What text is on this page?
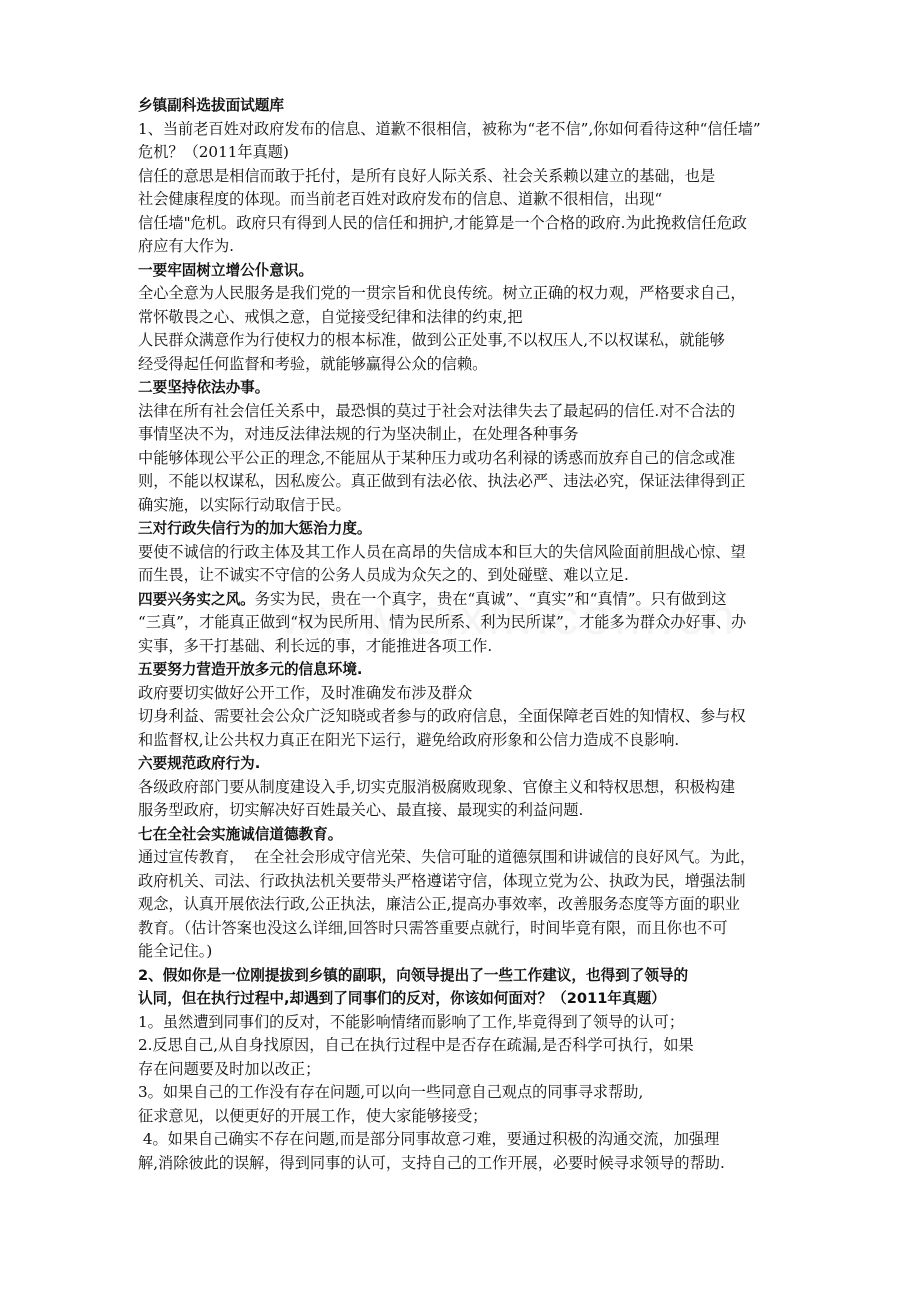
乡镇副科选拔面试题库
1、当前老百姓对政府发布的信息、道歉不很相信，被称为“老不信”,你如何看待这种“信任墙”
危机？（2011年真题)
信任的意思是相信而敢于托付，是所有良好人际关系、社会关系赖以建立的基础，也是
社会健康程度的体现。而当前老百姓对政府发布的信息、道歉不很相信，出现“
信任墙"危机。政府只有得到人民的信任和拥护,才能算是一个合格的政府.为此挽救信任危政
府应有大作为.
一要牢固树立增公仆意识。
全心全意为人民服务是我们党的一贯宗旨和优良传统。树立正确的权力观，严格要求自己，
常怀敬畏之心、戒惧之意，自觉接受纪律和法律的约束,把
人民群众满意作为行使权力的根本标准，做到公正处事,不以权压人,不以权谋私，就能够
经受得起任何监督和考验，就能够赢得公众的信赖。
二要坚持依法办事。
法律在所有社会信任关系中，最恐惧的莫过于社会对法律失去了最起码的信任.对不合法的
事情坚决不为，对违反法律法规的行为坚决制止，在处理各种事务
中能够体现公平公正的理念,不能屈从于某种压力或功名利禄的诱惑而放弃自己的信念或准
则，不能以权谋私，因私废公。真正做到有法必依、执法必严、违法必究，保证法律得到正
确实施，以实际行动取信于民。
三对行政失信行为的加大惩治力度。
要使不诚信的行政主体及其工作人员在高昂的失信成本和巨大的失信风险面前胆战心惊、望
而生畏，让不诚实不守信的公务人员成为众矢之的、到处碰壁、难以立足.
四要兴务实之风。务实为民，贵在一个真字，贵在“真诚”、“真实”和“真情”。只有做到这
“三真”，才能真正做到“权为民所用、情为民所系、利为民所谋”，才能多为群众办好事、办
实事，多干打基础、利长远的事，才能推进各项工作.
五要努力营造开放多元的信息环境.
政府要切实做好公开工作，及时准确发布涉及群众
切身利益、需要社会公众广泛知晓或者参与的政府信息，全面保障老百姓的知情权、参与权
和监督权,让公共权力真正在阳光下运行，避免给政府形象和公信力造成不良影响.
六要规范政府行为.
各级政府部门要从制度建设入手,切实克服消极腐败现象、官僚主义和特权思想，积极构建
服务型政府，切实解决好百姓最关心、最直接、最现实的利益问题.
七在全社会实施诚信道德教育。
通过宣传教育，  在全社会形成守信光荣、失信可耻的道德氛围和讲诚信的良好风气。为此，
政府机关、司法、行政执法机关要带头严格遵诺守信，体现立党为公、执政为民，增强法制
观念，认真开展依法行政,公正执法，廉洁公正,提高办事效率，改善服务态度等方面的职业
教育。（估计答案也没这么详细,回答时只需答重要点就行，时间毕竟有限，而且你也不可
能全记住。)
2、假如你是一位刚提拔到乡镇的副职，向领导提出了一些工作建议，也得到了领导的
认同，但在执行过程中,却遇到了同事们的反对，你该如何面对？（2011年真题）
1。虽然遭到同事们的反对，不能影响情绪而影响了工作,毕竟得到了领导的认可；
2.反思自己,从自身找原因，自己在执行过程中是否存在疏漏,是否科学可执行，如果
存在问题要及时加以改正；
3。如果自己的工作没有存在问题,可以向一些同意自己观点的同事寻求帮助,
征求意见，以便更好的开展工作，使大家能够接受；
4。如果自己确实不存在问题,而是部分同事故意刁难，要通过积极的沟通交流，加强理
解,消除彼此的误解，得到同事的认可，支持自己的工作开展，必要时候寻求领导的帮助.
